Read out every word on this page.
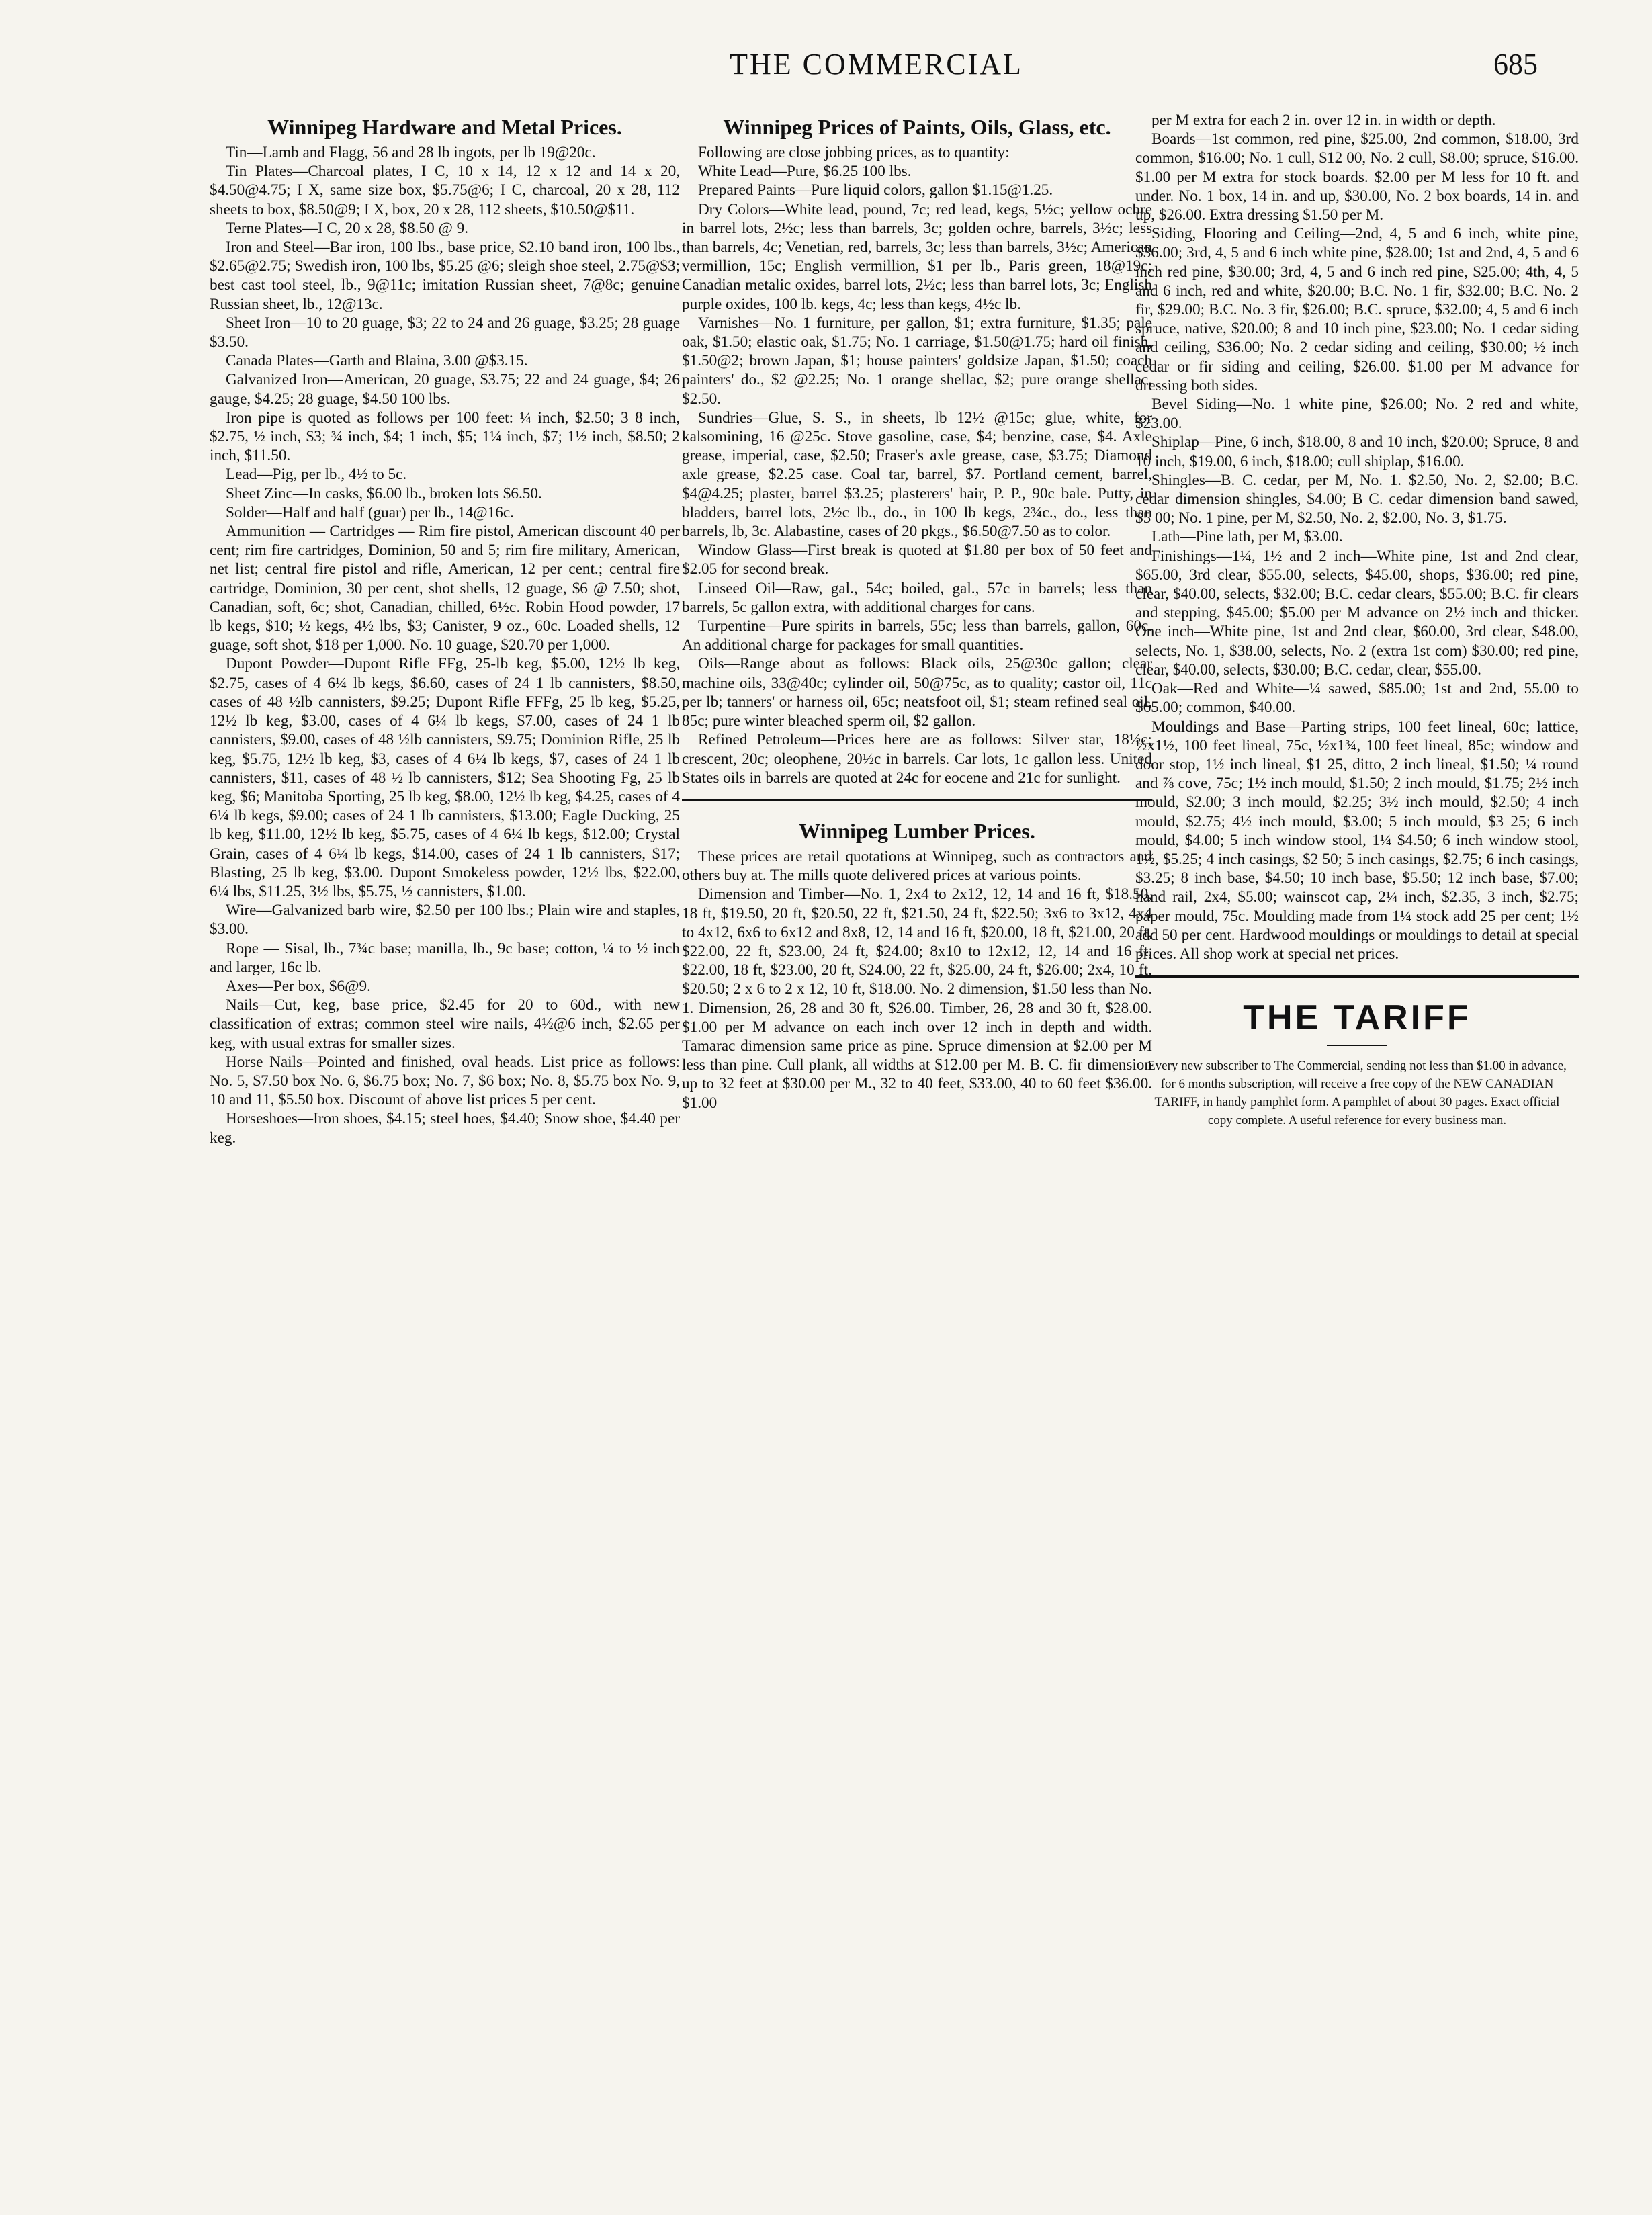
THE COMMERCIAL	685
Winnipeg Hardware and Metal Prices.

Tin—Lamb and Flagg, 56 and 28 lb ingots, per lb 19@20c.

Tin Plates—Charcoal plates, I C, 10 x 14, 12 x 12 and 14 x 20, $4.50@4.75; I X, same size box, $5.75@6; I C, charcoal, 20 x 28, 112 sheets to box, $8.50@9; I X, box, 20 x 28, 112 sheets, $10.50@$11.

Terne Plates—I C, 20 x 28, $8.50 @ 9.

Iron and Steel—Bar iron, 100 lbs., base price, $2.10 band iron, 100 lbs., $2.65@2.75; Swedish iron, 100 lbs, $5.25 @6; sleigh shoe steel, 2.75@$3; best cast tool steel, lb., 9@11c; imitation Russian sheet, 7@8c; genuine Russian sheet, lb., 12@13c.

Sheet Iron—10 to 20 guage, $3; 22 to 24 and 26 guage, $3.25; 28 guage $3.50.

Canada Plates—Garth and Blaina, 3.00 @$3.15.

Galvanized Iron—American, 20 guage, $3.75; 22 and 24 guage, $4; 26 gauge, $4.25; 28 guage, $4.50 100 lbs.

Iron pipe is quoted as follows per 100 feet: ¼ inch, $2.50; 3 8 inch, $2.75, ½ inch, $3; ¾ inch, $4; 1 inch, $5; 1¼ inch, $7; 1½ inch, $8.50; 2 inch, $11.50.

Lead—Pig, per lb., 4½ to 5c.

Sheet Zinc—In casks, $6.00 lb., broken lots $6.50.

Solder—Half and half (guar) per lb., 14@16c.

Ammunition — Cartridges — Rim fire pistol, American discount 40 per cent; rim fire cartridges, Dominion, 50 and 5; rim fire military, American, net list; central fire pistol and rifle, American, 12 per cent.; central fire cartridge, Dominion, 30 per cent, shot shells, 12 guage, $6 @ 7.50; shot, Canadian, soft, 6c; shot, Canadian, chilled, 6½c. Robin Hood powder, 17 lb kegs, $10; ½ kegs, 4½ lbs, $3; Canister, 9 oz., 60c. Loaded shells, 12 guage, soft shot, $18 per 1,000. No. 10 guage, $20.70 per 1,000.

Dupont Powder—Dupont Rifle FFg, 25-lb keg, $5.00, 12½ lb keg, $2.75, cases of 4 6¼ lb kegs, $6.60, cases of 24 1 lb cannisters, $8.50, cases of 48 ½lb cannisters, $9.25; Dupont Rifle FFFg, 25 lb keg, $5.25, 12½ lb keg, $3.00, cases of 4 6¼ lb kegs, $7.00, cases of 24 1 lb cannisters, $9.00, cases of 48 ½lb cannisters, $9.75; Dominion Rifle, 25 lb keg, $5.75, 12½ lb keg, $3, cases of 4 6¼ lb kegs, $7, cases of 24 1 lb cannisters, $11, cases of 48 ½ lb cannisters, $12; Sea Shooting Fg, 25 lb keg, $6; Manitoba Sporting, 25 lb keg, $8.00, 12½ lb keg, $4.25, cases of 4 6¼ lb kegs, $9.00; cases of 24 1 lb cannisters, $13.00; Eagle Ducking, 25 lb keg, $11.00, 12½ lb keg, $5.75, cases of 4 6¼ lb kegs, $12.00; Crystal Grain, cases of 4 6¼ lb kegs, $14.00, cases of 24 1 lb cannisters, $17; Blasting, 25 lb keg, $3.00. Dupont Smokeless powder, 12½ lbs, $22.00, 6¼ lbs, $11.25, 3½ lbs, $5.75, ½ cannisters, $1.00.

Wire—Galvanized barb wire, $2.50 per 100 lbs.; Plain wire and staples, $3.00.

Rope — Sisal, lb., 7¾c base; manilla, lb., 9c base; cotton, ¼ to ½ inch and larger, 16c lb.

Axes—Per box, $6@9.

Nails—Cut, keg, base price, $2.45 for 20 to 60d., with new classification of extras; common steel wire nails, 4½@6 inch, $2.65 per keg, with usual extras for smaller sizes.

Horse Nails—Pointed and finished, oval heads. List price as follows: No. 5, $7.50 box No. 6, $6.75 box; No. 7, $6 box; No. 8, $5.75 box No. 9, 10 and 11, $5.50 box. Discount of above list prices 5 per cent.

Horseshoes—Iron shoes, $4.15; steel hoes, $4.40; Snow shoe, $4.40 per keg.

Winnipeg Prices of Paints, Oils, Glass, etc.

Following are close jobbing prices, as to quantity:

White Lead—Pure, $6.25 100 lbs.

Prepared Paints—Pure liquid colors, gallon $1.15@1.25.

Dry Colors—White lead, pound, 7c; red lead, kegs, 5½c; yellow ochre in barrel lots, 2½c; less than barrels, 3c; golden ochre, barrels, 3½c; less than barrels, 4c; Venetian, red, barrels, 3c; less than barrels, 3½c; American vermillion, 15c; English vermillion, $1 per lb., Paris green, 18@19c; Canadian metalic oxides, barrel lots, 2½c; less than barrel lots, 3c; English purple oxides, 100 lb. kegs, 4c; less than kegs, 4½c lb.

Varnishes—No. 1 furniture, per gallon, $1; extra furniture, $1.35; pale oak, $1.50; elastic oak, $1.75; No. 1 carriage, $1.50@1.75; hard oil finish, $1.50@2; brown Japan, $1; house painters' goldsize Japan, $1.50; coach painters' do., $2 @2.25; No. 1 orange shellac, $2; pure orange shellac, $2.50.

Sundries—Glue, S. S., in sheets, lb 12½ @15c; glue, white, for kalsomining, 16 @25c. Stove gasoline, case, $4; benzine, case, $4. Axle grease, imperial, case, $2.50; Fraser's axle grease, case, $3.75; Diamond axle grease, $2.25 case. Coal tar, barrel, $7. Portland cement, barrel, $4@4.25; plaster, barrel $3.25; plasterers' hair, P. P., 90c bale. Putty, in bladders, barrel lots, 2½c lb., do., in 100 lb kegs, 2¾c., do., less than barrels, lb, 3c. Alabastine, cases of 20 pkgs., $6.50@7.50 as to color.

Window Glass—First break is quoted at $1.80 per box of 50 feet and $2.05 for second break.

Linseed Oil—Raw, gal., 54c; boiled, gal., 57c in barrels; less than barrels, 5c gallon extra, with additional charges for cans.

Turpentine—Pure spirits in barrels, 55c; less than barrels, gallon, 60c. An additional charge for packages for small quantities.

Oils—Range about as follows: Black oils, 25@30c gallon; clear machine oils, 33@40c; cylinder oil, 50@75c, as to quality; castor oil, 11c per lb; tanners' or harness oil, 65c; neatsfoot oil, $1; steam refined seal oil, 85c; pure winter bleached sperm oil, $2 gallon.

Refined Petroleum—Prices here are as follows: Silver star, 18½c; crescent, 20c; oleophene, 20½c in barrels. Car lots, 1c gallon less. United States oils in barrels are quoted at 24c for eocene and 21c for sunlight.

Winnipeg Lumber Prices.

These prices are retail quotations at Winnipeg, such as contractors and others buy at. The mills quote delivered prices at various points.

Dimension and Timber—No. 1, 2x4 to 2x12, 12, 14 and 16 ft, $18.50, 18 ft, $19.50, 20 ft, $20.50, 22 ft, $21.50, 24 ft, $22.50; 3x6 to 3x12, 4x4 to 4x12, 6x6 to 6x12 and 8x8, 12, 14 and 16 ft, $20.00, 18 ft, $21.00, 20 ft, $22.00, 22 ft, $23.00, 24 ft, $24.00; 8x10 to 12x12, 12, 14 and 16 ft, $22.00, 18 ft, $23.00, 20 ft, $24.00, 22 ft, $25.00, 24 ft, $26.00; 2x4, 10 ft, $20.50; 2 x 6 to 2 x 12, 10 ft, $18.00. No. 2 dimension, $1.50 less than No. 1. Dimension, 26, 28 and 30 ft, $26.00. Timber, 26, 28 and 30 ft, $28.00. $1.00 per M advance on each inch over 12 inch in depth and width. Tamarac dimension same price as pine. Spruce dimension at $2.00 per M less than pine. Cull plank, all widths at $12.00 per M. B. C. fir dimension up to 32 feet at $30.00 per M., 32 to 40 feet, $33.00, 40 to 60 feet $36.00. $1.00

per M extra for each 2 in. over 12 in. in width or depth.

Boards—1st common, red pine, $25.00, 2nd common, $18.00, 3rd common, $16.00; No. 1 cull, $12 00, No. 2 cull, $8.00; spruce, $16.00. $1.00 per M extra for stock boards. $2.00 per M less for 10 ft. and under. No. 1 box, 14 in. and up, $30.00, No. 2 box boards, 14 in. and up, $26.00. Extra dressing $1.50 per M.

Siding, Flooring and Ceiling—2nd, 4, 5 and 6 inch, white pine, $36.00; 3rd, 4, 5 and 6 inch white pine, $28.00; 1st and 2nd, 4, 5 and 6 inch red pine, $30.00; 3rd, 4, 5 and 6 inch red pine, $25.00; 4th, 4, 5 and 6 inch, red and white, $20.00; B.C. No. 1 fir, $32.00; B.C. No. 2 fir, $29.00; B.C. No. 3 fir, $26.00; B.C. spruce, $32.00; 4, 5 and 6 inch spruce, native, $20.00; 8 and 10 inch pine, $23.00; No. 1 cedar siding and ceiling, $36.00; No. 2 cedar siding and ceiling, $30.00; ½ inch cedar or fir siding and ceiling, $26.00. $1.00 per M advance for dressing both sides.

Bevel Siding—No. 1 white pine, $26.00; No. 2 red and white, $23.00.

Shiplap—Pine, 6 inch, $18.00, 8 and 10 inch, $20.00; Spruce, 8 and 10 inch, $19.00, 6 inch, $18.00; cull shiplap, $16.00.

Shingles—B. C. cedar, per M, No. 1. $2.50, No. 2, $2.00; B.C. cedar dimension shingles, $4.00; B C. cedar dimension band sawed, $5 00; No. 1 pine, per M, $2.50, No. 2, $2.00, No. 3, $1.75.

Lath—Pine lath, per M, $3.00.

Finishings—1¼, 1½ and 2 inch—White pine, 1st and 2nd clear, $65.00, 3rd clear, $55.00, selects, $45.00, shops, $36.00; red pine, clear, $40.00, selects, $32.00; B.C. cedar clears, $55.00; B.C. fir clears and stepping, $45.00; $5.00 per M advance on 2½ inch and thicker. One inch—White pine, 1st and 2nd clear, $60.00, 3rd clear, $48.00, selects, No. 1, $38.00, selects, No. 2 (extra 1st com) $30.00; red pine, clear, $40.00, selects, $30.00; B.C. cedar, clear, $55.00.

Oak—Red and White—¼ sawed, $85.00; 1st and 2nd, 55.00 to $65.00; common, $40.00.

Mouldings and Base—Parting strips, 100 feet lineal, 60c; lattice, ½x1½, 100 feet lineal, 75c, ½x1¾, 100 feet lineal, 85c; window and door stop, 1½ inch lineal, $1 25, ditto, 2 inch lineal, $1.50; ¼ round and ⅞ cove, 75c; 1½ inch mould, $1.50; 2 inch mould, $1.75; 2½ inch mould, $2.00; 3 inch mould, $2.25; 3½ inch mould, $2.50; 4 inch mould, $2.75; 4½ inch mould, $3.00; 5 inch mould, $3 25; 6 inch mould, $4.00; 5 inch window stool, 1¼ $4.50; 6 inch window stool, 1½, $5.25; 4 inch casings, $2 50; 5 inch casings, $2.75; 6 inch casings, $3.25; 8 inch base, $4.50; 10 inch base, $5.50; 12 inch base, $7.00; hand rail, 2x4, $5.00; wainscot cap, 2¼ inch, $2.35, 3 inch, $2.75; paper mould, 75c. Moulding made from 1¼ stock add 25 per cent; 1½ add 50 per cent. Hardwood mouldings or mouldings to detail at special prices. All shop work at special net prices.

THE TARIFF
Every new subscriber to The Commercial, sending not less than $1.00 in advance, for 6 months subscription, will receive a free copy of the NEW CANADIAN TARIFF, in handy pamphlet form. A pamphlet of about 30 pages. Exact official copy complete. A useful reference for every business man.
